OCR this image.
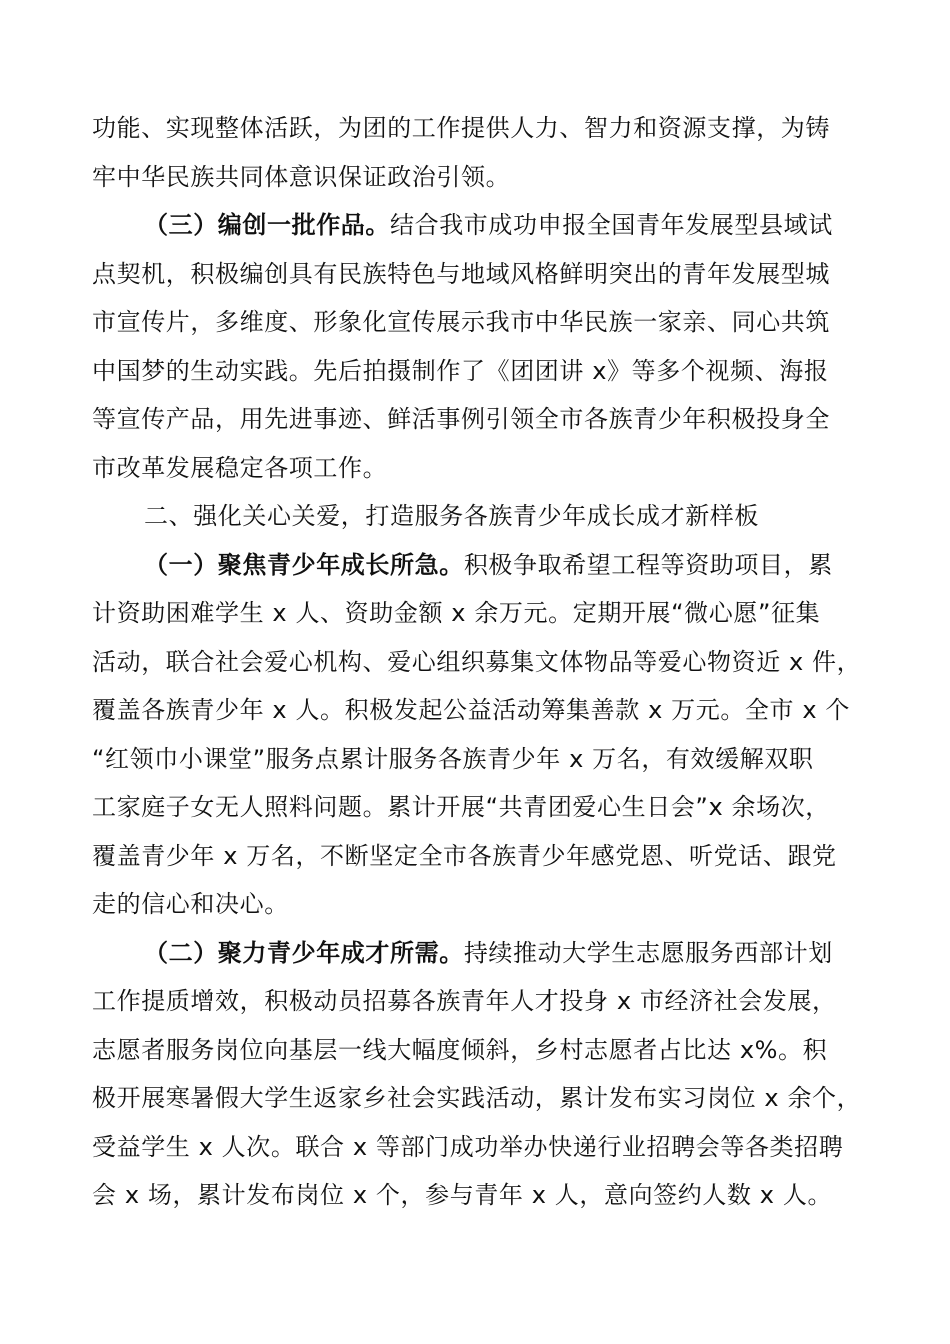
功能、实现整体活跃，为团的工作提供人力、智力和资源支撑，为铸
牢中华民族共同体意识保证政治引领。
（三）编创一批作品。结合我市成功申报全国青年发展型县域试
点契机，积极编创具有民族特色与地域风格鲜明突出的青年发展型城
市宣传片，多维度、形象化宣传展示我市中华民族一家亲、同心共筑
中国梦的生动实践。先后拍摄制作了《团团讲 x》等多个视频、海报
等宣传产品，用先进事迹、鲜活事例引领全市各族青少年积极投身全
市改革发展稳定各项工作。
二、强化关心关爱，打造服务各族青少年成长成才新样板
（一）聚焦青少年成长所急。积极争取希望工程等资助项目，累
计资助困难学生 x 人、资助金额 x 余万元。定期开展“微心愿”征集
活动，联合社会爱心机构、爱心组织募集文体物品等爱心物资近 x 件，
覆盖各族青少年 x 人。积极发起公益活动筹集善款 x 万元。全市 x 个
“红领巾小课堂”服务点累计服务各族青少年 x 万名，有效缓解双职
工家庭子女无人照料问题。累计开展“共青团爱心生日会”x 余场次，
覆盖青少年 x 万名，不断坚定全市各族青少年感党恩、听党话、跟党
走的信心和决心。
（二）聚力青少年成才所需。持续推动大学生志愿服务西部计划
工作提质增效，积极动员招募各族青年人才投身 x 市经济社会发展，
志愿者服务岗位向基层一线大幅度倾斜，乡村志愿者占比达 x%。积
极开展寒暑假大学生返家乡社会实践活动，累计发布实习岗位 x 余个，
受益学生 x 人次。联合 x 等部门成功举办快递行业招聘会等各类招聘
会 x 场，累计发布岗位 x 个，参与青年 x 人，意向签约人数 x 人。
